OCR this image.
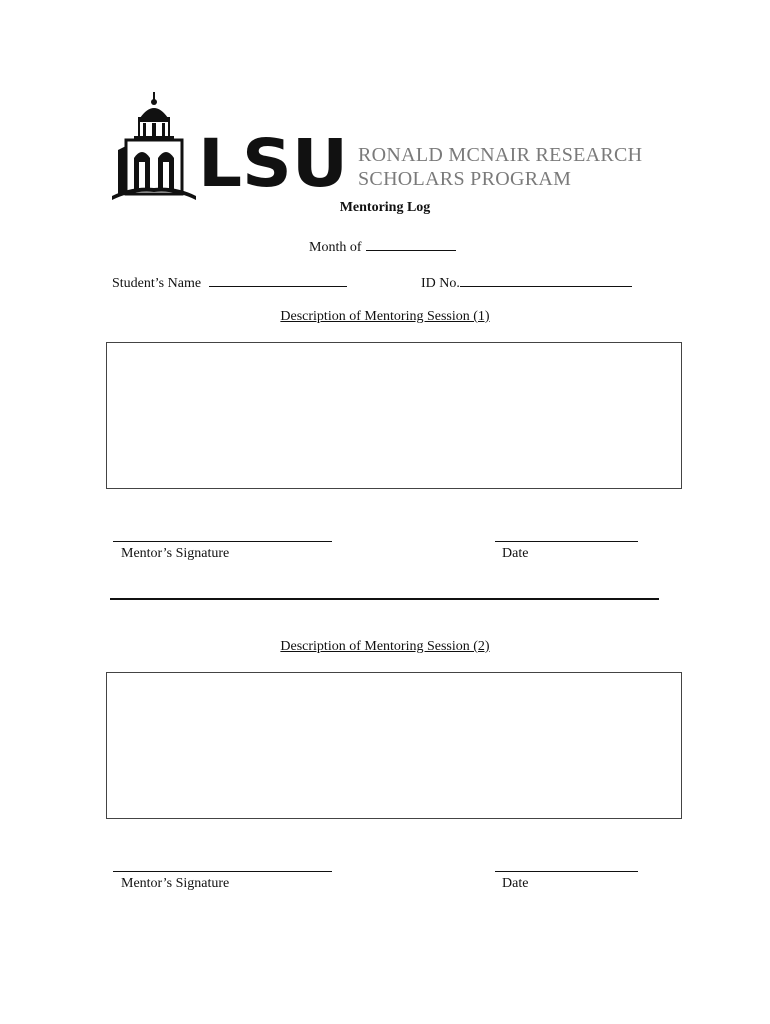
LSU RONALD MCNAIR RESEARCH
SCHOLARS PROGRAM
Mentoring Log
Month of
Student’s Name	ID No.
Description of Mentoring Session (1)
Mentor’s Signature	Date
Description of Mentoring Session (2)
Mentor’s Signature	Date
